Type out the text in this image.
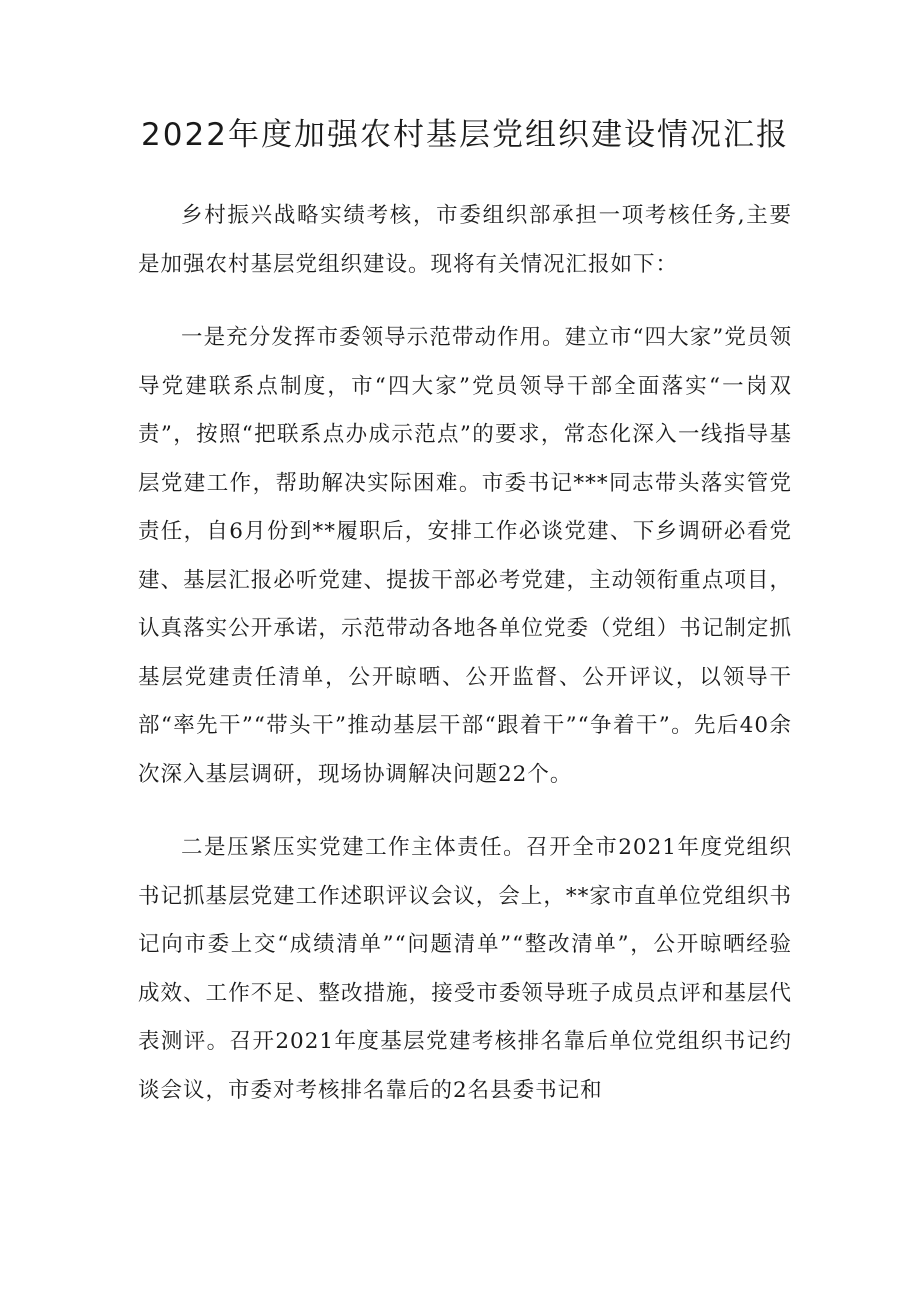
2022年度加强农村基层党组织建设情况汇报

乡村振兴战略实绩考核，市委组织部承担一项考核任务,主要是加强农村基层党组织建设。现将有关情况汇报如下：

一是充分发挥市委领导示范带动作用。建立市“四大家”党员领导党建联系点制度，市“四大家”党员领导干部全面落实“一岗双责”，按照“把联系点办成示范点”的要求，常态化深入一线指导基层党建工作，帮助解决实际困难。市委书记***同志带头落实管党责任，自6月份到**履职后，安排工作必谈党建、下乡调研必看党建、基层汇报必听党建、提拔干部必考党建，主动领衔重点项目，认真落实公开承诺，示范带动各地各单位党委（党组）书记制定抓基层党建责任清单，公开晾晒、公开监督、公开评议，以领导干部“率先干”“带头干”推动基层干部“跟着干”“争着干”。先后40余次深入基层调研，现场协调解决问题22个。

二是压紧压实党建工作主体责任。召开全市2021年度党组织书记抓基层党建工作述职评议会议，会上，**家市直单位党组织书记向市委上交“成绩清单”“问题清单”“整改清单”，公开晾晒经验成效、工作不足、整改措施，接受市委领导班子成员点评和基层代表测评。召开2021年度基层党建考核排名靠后单位党组织书记约谈会议，市委对考核排名靠后的2名县委书记和
